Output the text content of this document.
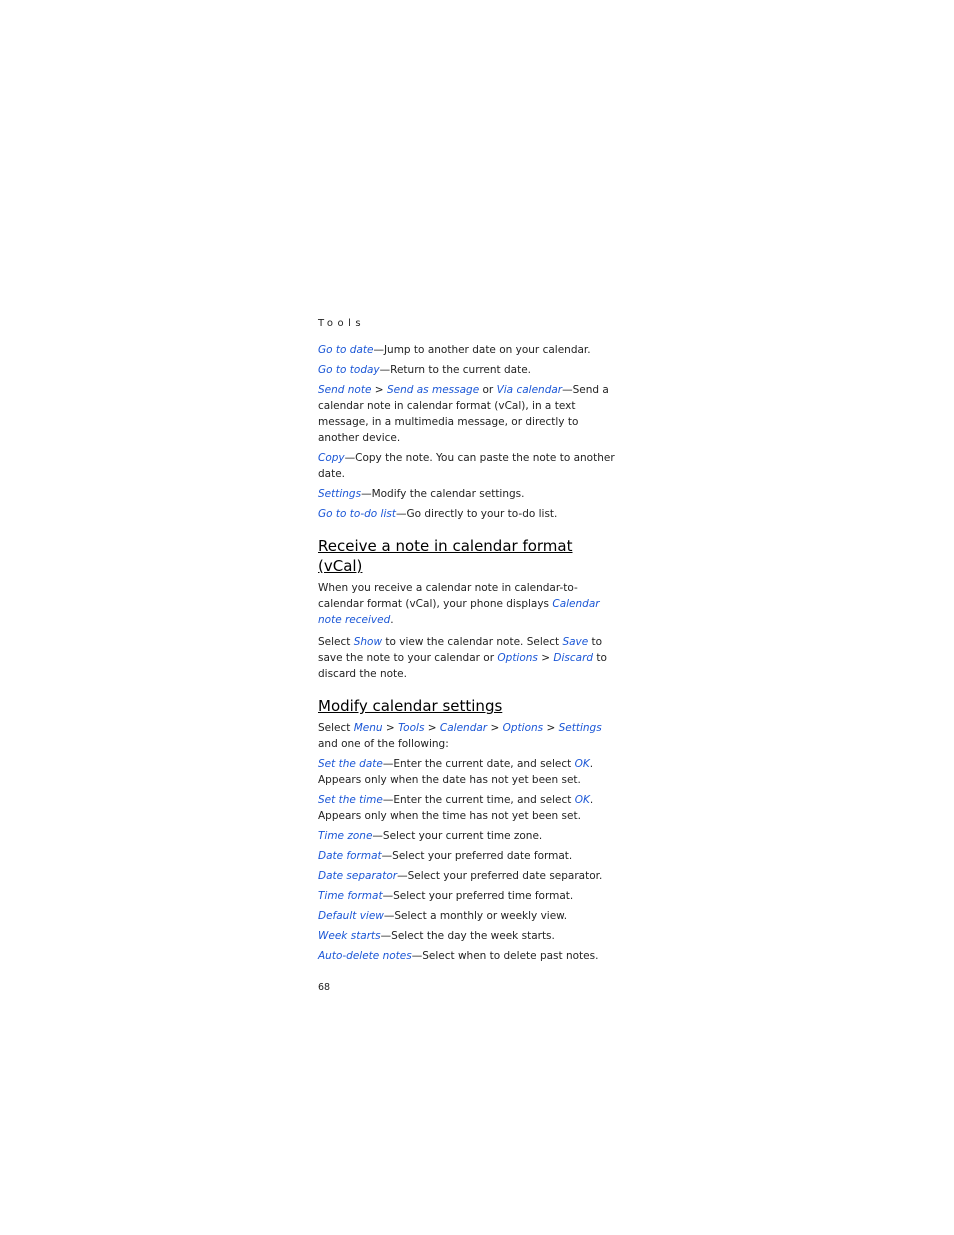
Tools

Go to date—Jump to another date on your calendar.

Go to today—Return to the current date.

Send note > Send as message or Via calendar—Send a calendar note in calendar format (vCal), in a text message, in a multimedia message, or directly to another device.

Copy—Copy the note. You can paste the note to another date.

Settings—Modify the calendar settings.

Go to to-do list—Go directly to your to-do list.

Receive a note in calendar format (vCal)

When you receive a calendar note in calendar-to-calendar format (vCal), your phone displays Calendar note received.

Select Show to view the calendar note. Select Save to save the note to your calendar or Options > Discard to discard the note.

Modify calendar settings

Select Menu > Tools > Calendar > Options > Settings and one of the following:

Set the date—Enter the current date, and select OK. Appears only when the date has not yet been set.

Set the time—Enter the current time, and select OK. Appears only when the time has not yet been set.

Time zone—Select your current time zone.

Date format—Select your preferred date format.

Date separator—Select your preferred date separator.

Time format—Select your preferred time format.

Default view—Select a monthly or weekly view.

Week starts—Select the day the week starts.

Auto-delete notes—Select when to delete past notes.

68
